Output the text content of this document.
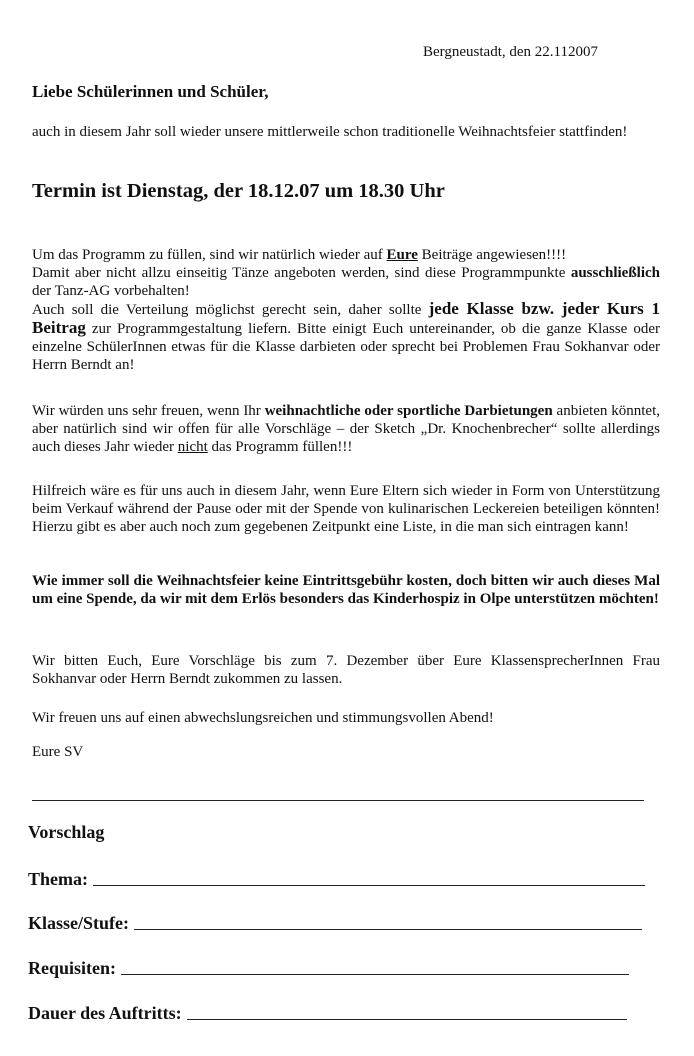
Bergneustadt, den 22.112007
Liebe Schülerinnen und Schüler,
auch in diesem Jahr soll wieder unsere mittlerweile schon traditionelle Weihnachtsfeier stattfinden!
Termin ist Dienstag, der 18.12.07 um 18.30 Uhr
Um das Programm zu füllen, sind wir natürlich wieder auf Eure Beiträge angewiesen!!!!
Damit aber nicht allzu einseitig Tänze angeboten werden, sind diese Programmpunkte ausschließlich der Tanz-AG vorbehalten!
Auch soll die Verteilung möglichst gerecht sein, daher sollte jede Klasse bzw. jeder Kurs 1 Beitrag zur Programmgestaltung liefern. Bitte einigt Euch untereinander, ob die ganze Klasse oder einzelne SchülerInnen etwas für die Klasse darbieten oder sprecht bei Problemen Frau Sokhanvar oder Herrn Berndt an!
Wir würden uns sehr freuen, wenn Ihr weihnachtliche oder sportliche Darbietungen anbieten könntet, aber natürlich sind wir offen für alle Vorschläge – der Sketch „Dr. Knochenbrecher“ sollte allerdings auch dieses Jahr wieder nicht das Programm füllen!!!
Hilfreich wäre es für uns auch in diesem Jahr, wenn Eure Eltern sich wieder in Form von Unterstützung beim Verkauf während der Pause oder mit der Spende von kulinarischen Leckereien beteiligen könnten! Hierzu gibt es aber auch noch zum gegebenen Zeitpunkt eine Liste, in die man sich eintragen kann!
Wie immer soll die Weihnachtsfeier keine Eintrittsgebühr kosten, doch bitten wir auch dieses Mal um eine Spende, da wir mit dem Erlös besonders das Kinderhospiz in Olpe unterstützen möchten!
Wir bitten Euch, Eure Vorschläge bis zum 7. Dezember über Eure KlassensprecherInnen Frau Sokhanvar oder Herrn Berndt zukommen zu lassen.
Wir freuen uns auf einen abwechslungsreichen und stimmungsvollen Abend!
Eure SV
Vorschlag
Thema:
Klasse/Stufe:
Requisiten:
Dauer des Auftritts:
